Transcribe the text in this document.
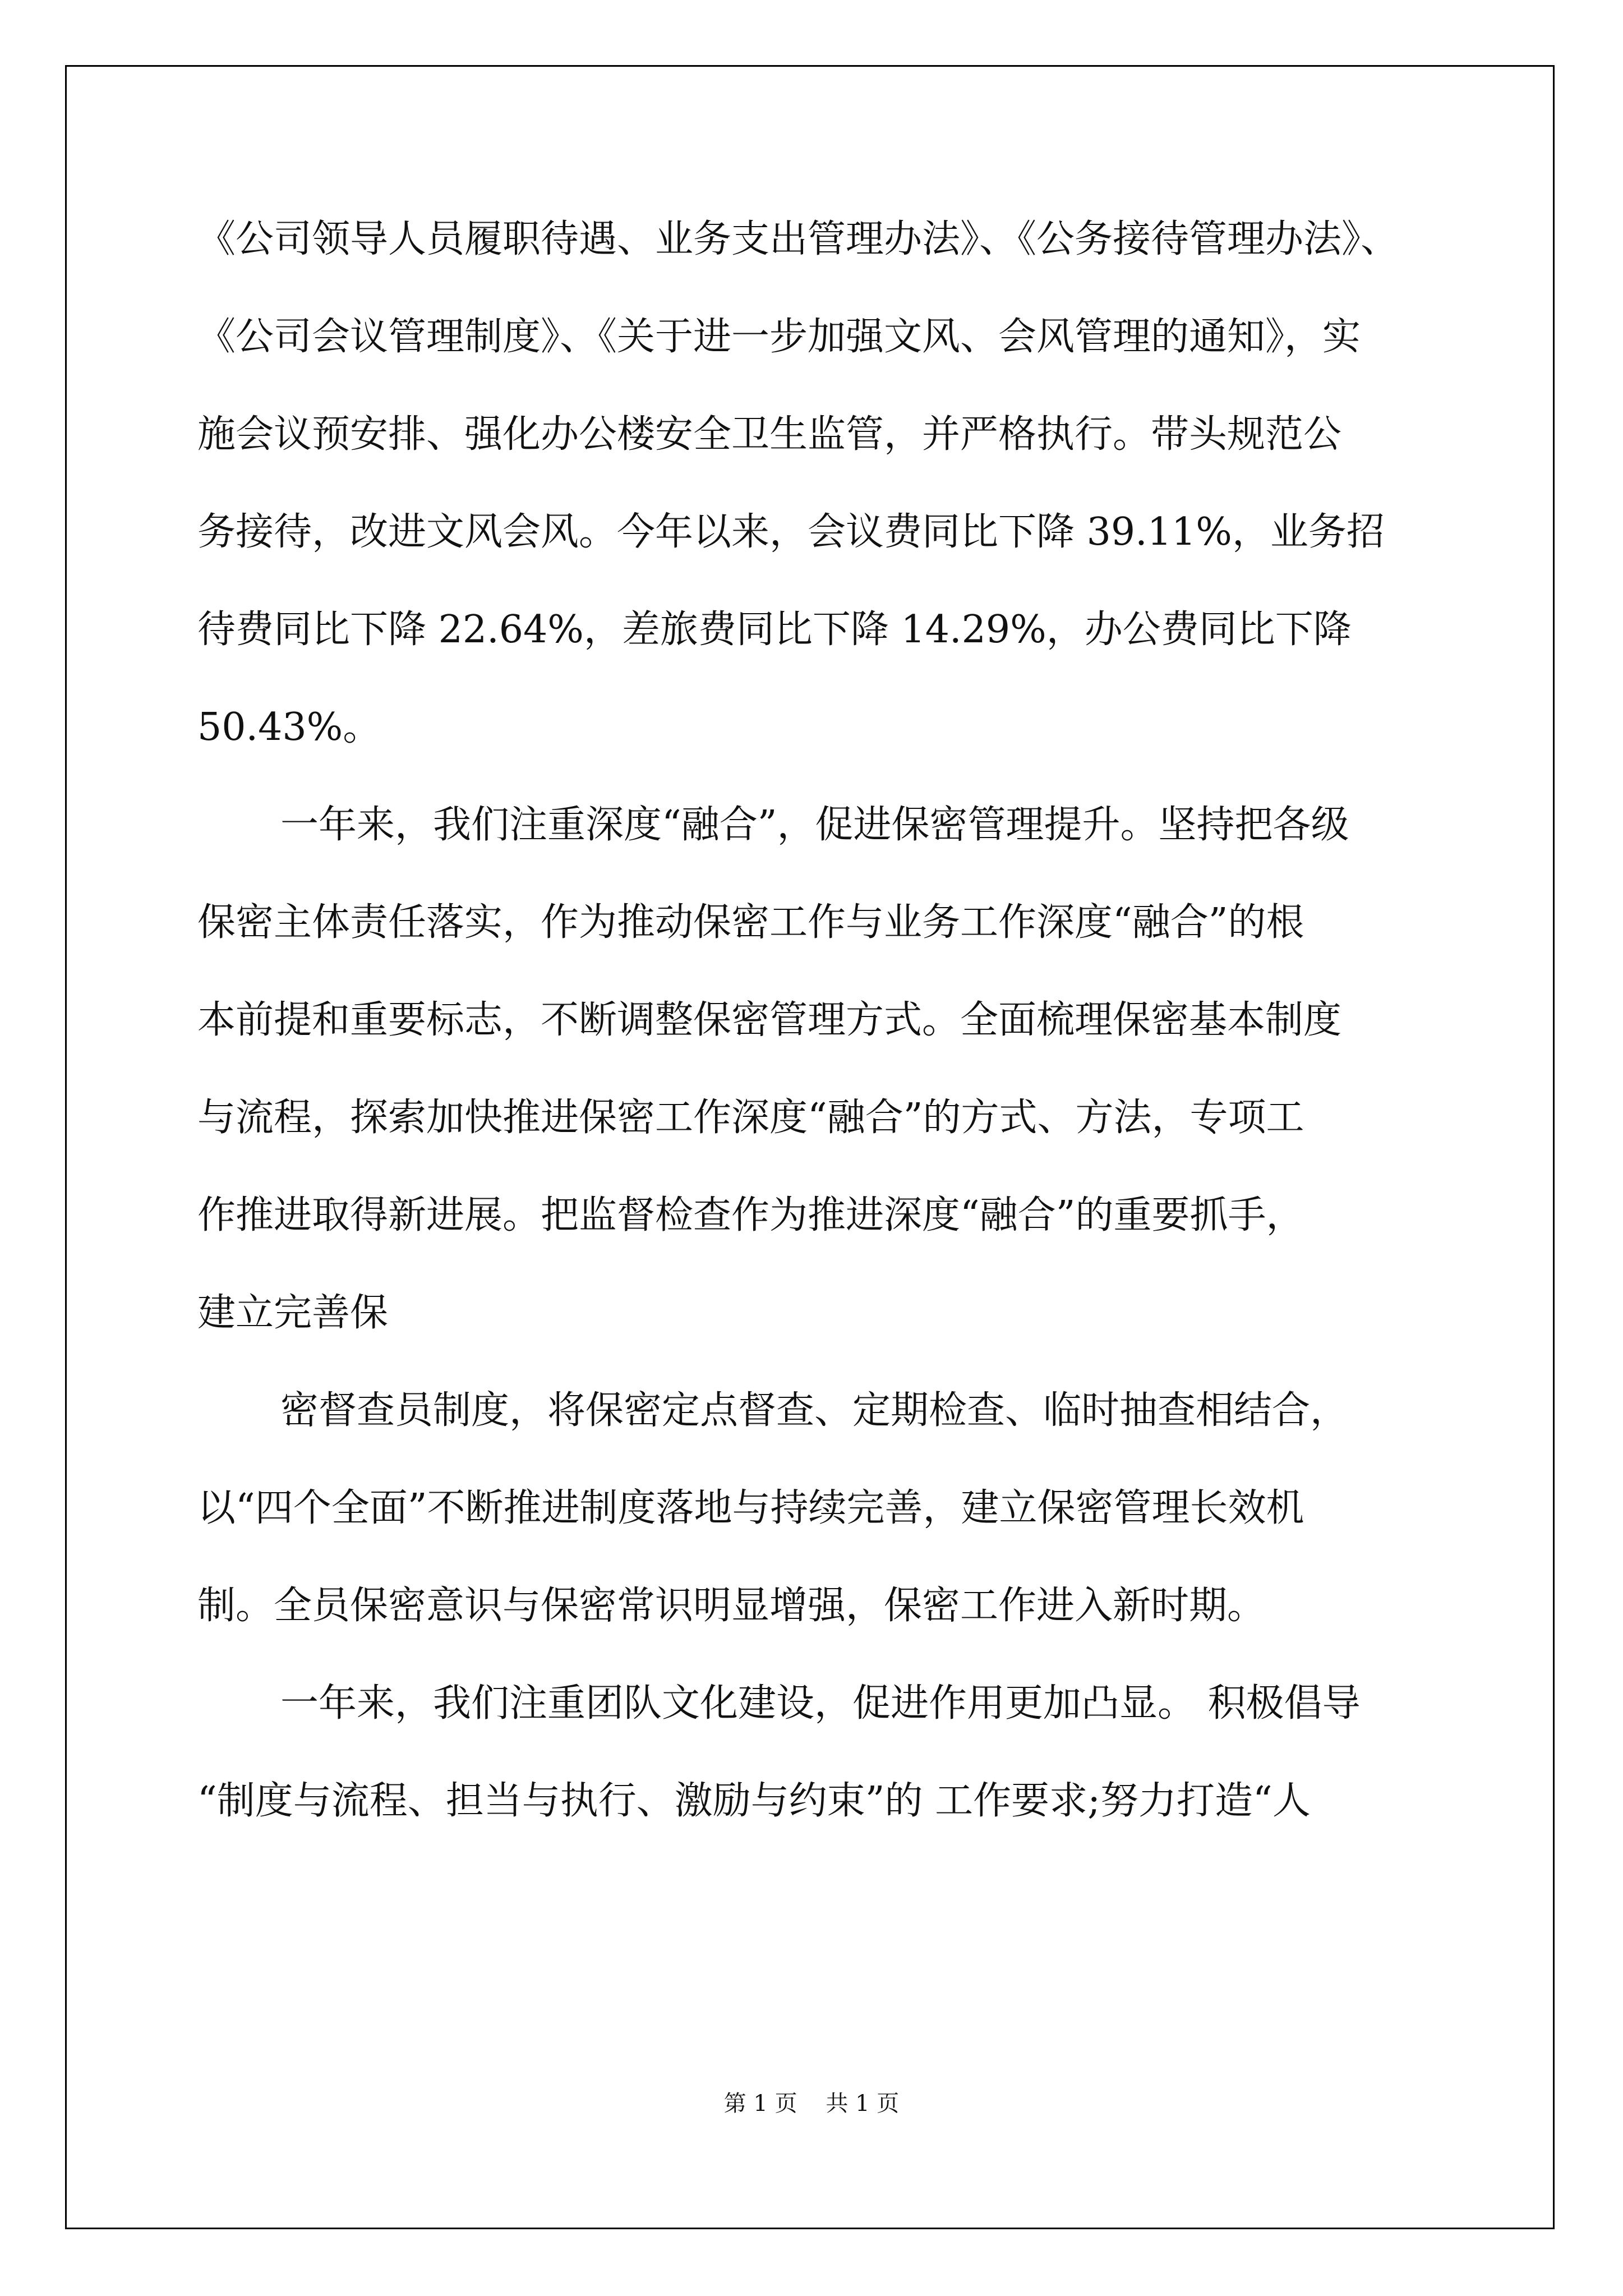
《公司领导人员履职待遇、业务支出管理办法》、《公务接待管理办法》、
《公司会议管理制度》、《关于进一步加强文风、会风管理的通知》，实
施会议预安排、强化办公楼安全卫生监管，并严格执行。带头规范公
务接待，改进文风会风。今年以来，会议费同比下降 39.11%，业务招
待费同比下降 22.64%，差旅费同比下降 14.29%，办公费同比下降
50.43%。
一年来，我们注重深度“融合”，促进保密管理提升。坚持把各级
保密主体责任落实，作为推动保密工作与业务工作深度“融合”的根
本前提和重要标志，不断调整保密管理方式。全面梳理保密基本制度
与流程，探索加快推进保密工作深度“融合”的方式、方法，专项工
作推进取得新进展。把监督检查作为推进深度“融合”的重要抓手，
建立完善保
密督查员制度，将保密定点督查、定期检查、临时抽查相结合，
以“四个全面”不断推进制度落地与持续完善，建立保密管理长效机
制。全员保密意识与保密常识明显增强，保密工作进入新时期。
一年来，我们注重团队文化建设，促进作用更加凸显。 积极倡导
“制度与流程、担当与执行、激励与约束”的 工作要求;努力打造“人
第 1 页    共 1 页
